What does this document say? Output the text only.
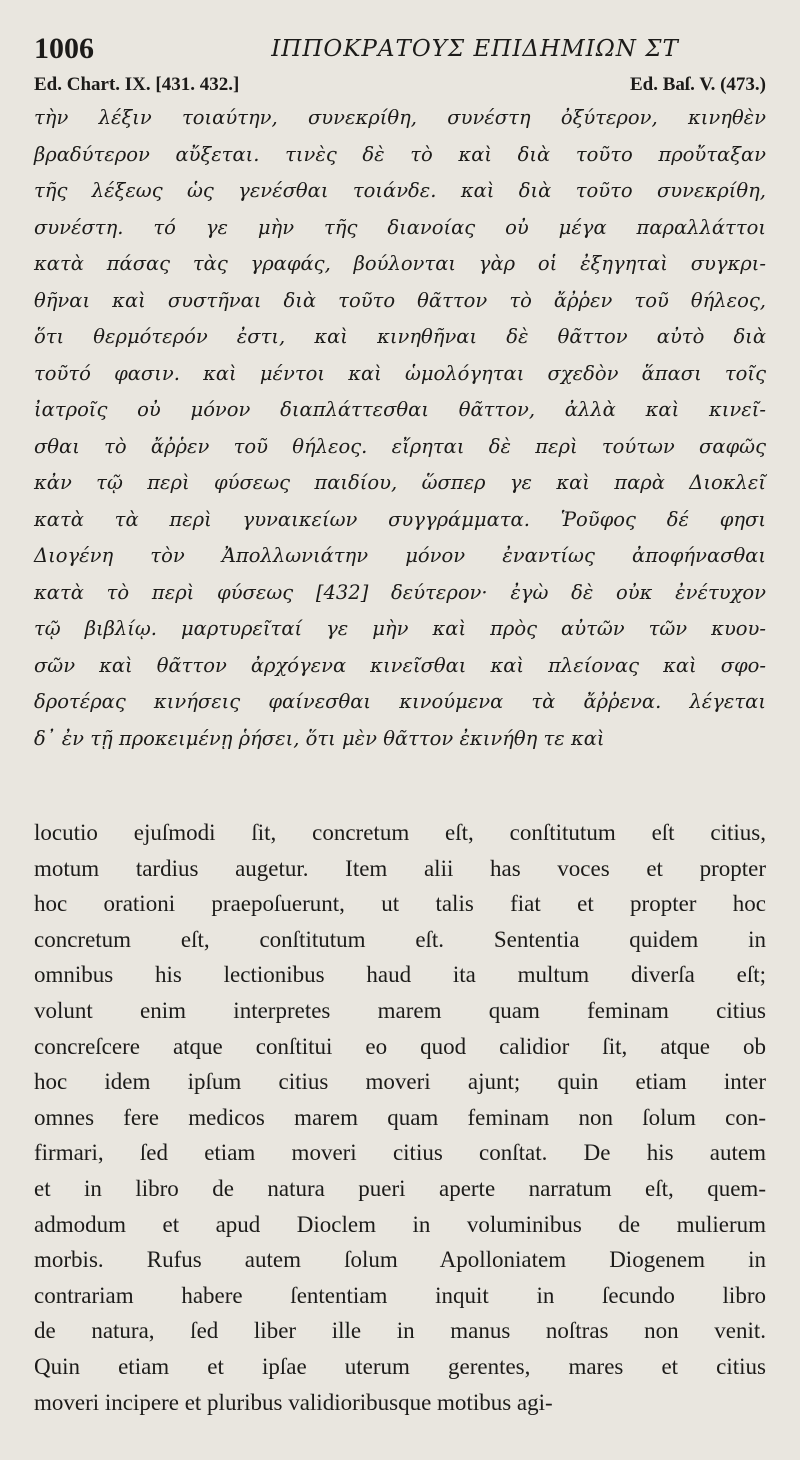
1006	ΙΠΠΟΚΡΑΤΟΥΣ ΕΠΙΔΗΜΙΩΝ ΣΤ
Ed. Chart. IX. [431. 432.]	Ed. Baſ. V. (473.)
τὴν λέξιν τοιαύτην, συνεκρίθη, συνέστη ὀξύτερον, κινηθὲν
βραδύτερον αὔξεται. τινὲς δὲ τὸ καὶ διὰ τοῦτο προὔταξαν
τῆς λέξεως ὡς γενέσθαι τοιάνδε. καὶ διὰ τοῦτο συνεκρίθη,
συνέστη. τό γε μὴν τῆς διανοίας οὐ μέγα παραλλάττοι
κατὰ πάσας τὰς γραφάς, βούλονται γὰρ οἱ ἐξηγηταὶ συγκρι-
θῆναι καὶ συστῆναι διὰ τοῦτο θᾶττον τὸ ἄῤῥεν τοῦ θήλεος,
ὅτι θερμότερόν ἐστι, καὶ κινηθῆναι δὲ θᾶττον αὐτὸ διὰ
τοῦτό φασιν. καὶ μέντοι καὶ ὡμολόγηται σχεδὸν ἅπασι τοῖς
ἰατροῖς οὐ μόνον διαπλάττεσθαι θᾶττον, ἀλλὰ καὶ κινεῖ-
σθαι τὸ ἄῤῥεν τοῦ θήλεος. εἴρηται δὲ περὶ τούτων σαφῶς
κἀν τῷ περὶ φύσεως παιδίου, ὥσπερ γε καὶ παρὰ Διοκλεῖ
κατὰ τὰ περὶ γυναικείων συγγράμματα. Ῥοῦφος δέ φησι
Διογένη τὸν Ἀπολλωνιάτην μόνον ἐναντίως ἀποφήνασθαι
κατὰ τὸ περὶ φύσεως [432] δεύτερον· ἐγὼ δὲ οὐκ ἐνέτυχον
τῷ βιβλίῳ. μαρτυρεῖταί γε μὴν καὶ πρὸς αὐτῶν τῶν κυου-
σῶν καὶ θᾶττον ἀρχόγενα κινεῖσθαι καὶ πλείονας καὶ σφο-
δροτέρας κινήσεις φαίνεσθαι κινούμενα τὰ ἄῤῥενα. λέγεται
δ᾽ ἐν τῇ προκειμένῃ ῥήσει, ὅτι μὲν θᾶττον ἐκινήθη τε καὶ
locutio ejuſmodi ſit, concretum eſt, conſtitutum eſt citius,
motum tardius augetur. Item alii has voces et propter
hoc orationi praepoſuerunt, ut talis fiat et propter hoc
concretum eſt, conſtitutum eſt. Sententia quidem in
omnibus his lectionibus haud ita multum diverſa eſt;
volunt enim interpretes marem quam feminam citius
concreſcere atque conſtitui eo quod calidior ſit, atque ob
hoc idem ipſum citius moveri ajunt; quin etiam inter
omnes fere medicos marem quam feminam non ſolum con-
firmari, ſed etiam moveri citius conſtat. De his autem
et in libro de natura pueri aperte narratum eſt, quem-
admodum et apud Dioclem in voluminibus de mulierum
morbis. Rufus autem ſolum Apolloniatem Diogenem in
contrariam habere ſententiam inquit in ſecundo libro
de natura, ſed liber ille in manus noſtras non venit.
Quin etiam et ipſae uterum gerentes, mares et citius
moveri incipere et pluribus validioribusque motibus agi-
